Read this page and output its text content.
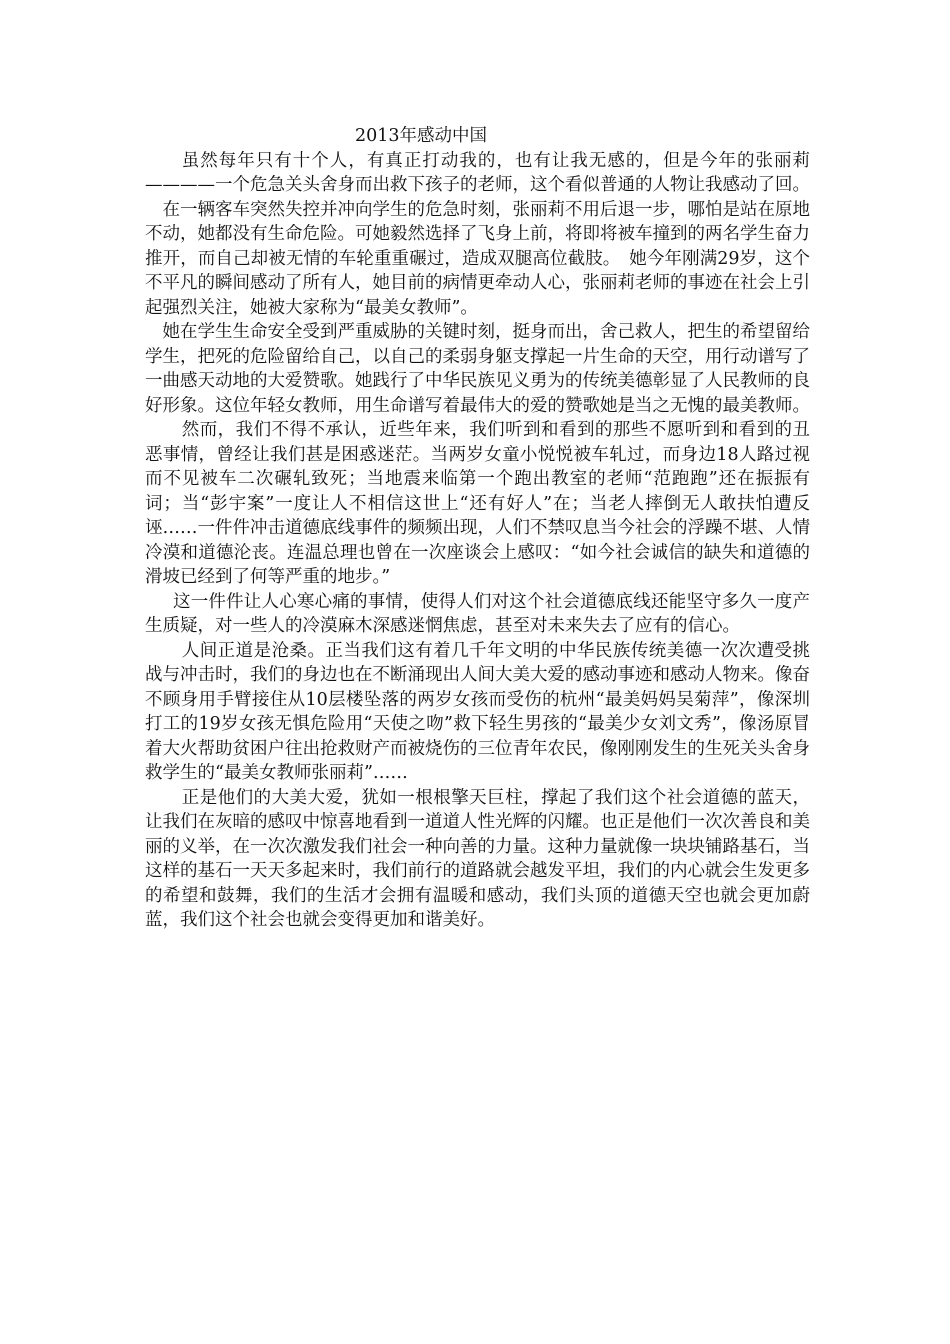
2013年感动中国

虽然每年只有十个人，有真正打动我的，也有让我无感的，但是今年的张丽莉————一个危急关头舍身而出救下孩子的老师，这个看似普通的人物让我感动了回。

在一辆客车突然失控并冲向学生的危急时刻，张丽莉不用后退一步，哪怕是站在原地不动，她都没有生命危险。可她毅然选择了飞身上前，将即将被车撞到的两名学生奋力推开，而自己却被无情的车轮重重碾过，造成双腿高位截肢。　她今年刚满29岁，这个不平凡的瞬间感动了所有人，她目前的病情更牵动人心，张丽莉老师的事迹在社会上引起强烈关注，她被大家称为“最美女教师”。

她在学生生命安全受到严重威胁的关键时刻，挺身而出，舍己救人，把生的希望留给学生，把死的危险留给自己，以自己的柔弱身躯支撑起一片生命的天空，用行动谱写了一曲感天动地的大爱赞歌。她践行了中华民族见义勇为的传统美德彰显了人民教师的良好形象。这位年轻女教师，用生命谱写着最伟大的爱的赞歌她是当之无愧的最美教师。

然而，我们不得不承认，近些年来，我们听到和看到的那些不愿听到和看到的丑恶事情，曾经让我们甚是困惑迷茫。当两岁女童小悦悦被车轧过，而身边18人路过视而不见被车二次碾轧致死；当地震来临第一个跑出教室的老师“范跑跑”还在振振有词；当“彭宇案”一度让人不相信这世上“还有好人”在；当老人摔倒无人敢扶怕遭反诬……一件件冲击道德底线事件的频频出现，人们不禁叹息当今社会的浮躁不堪、人情冷漠和道德沦丧。连温总理也曾在一次座谈会上感叹：“如今社会诚信的缺失和道德的滑坡已经到了何等严重的地步。”

这一件件让人心寒心痛的事情，使得人们对这个社会道德底线还能坚守多久一度产生质疑，对一些人的冷漠麻木深感迷惘焦虑，甚至对未来失去了应有的信心。

人间正道是沧桑。正当我们这有着几千年文明的中华民族传统美德一次次遭受挑战与冲击时，我们的身边也在不断涌现出人间大美大爱的感动事迹和感动人物来。像奋不顾身用手臂接住从10层楼坠落的两岁女孩而受伤的杭州“最美妈妈吴菊萍”，像深圳打工的19岁女孩无惧危险用“天使之吻”救下轻生男孩的“最美少女刘文秀”，像汤原冒着大火帮助贫困户往出抢救财产而被烧伤的三位青年农民，像刚刚发生的生死关头舍身救学生的“最美女教师张丽莉”……

正是他们的大美大爱，犹如一根根擎天巨柱，撑起了我们这个社会道德的蓝天，让我们在灰暗的感叹中惊喜地看到一道道人性光辉的闪耀。也正是他们一次次善良和美丽的义举，在一次次激发我们社会一种向善的力量。这种力量就像一块块铺路基石，当这样的基石一天天多起来时，我们前行的道路就会越发平坦，我们的内心就会生发更多的希望和鼓舞，我们的生活才会拥有温暖和感动，我们头顶的道德天空也就会更加蔚蓝，我们这个社会也就会变得更加和谐美好。
